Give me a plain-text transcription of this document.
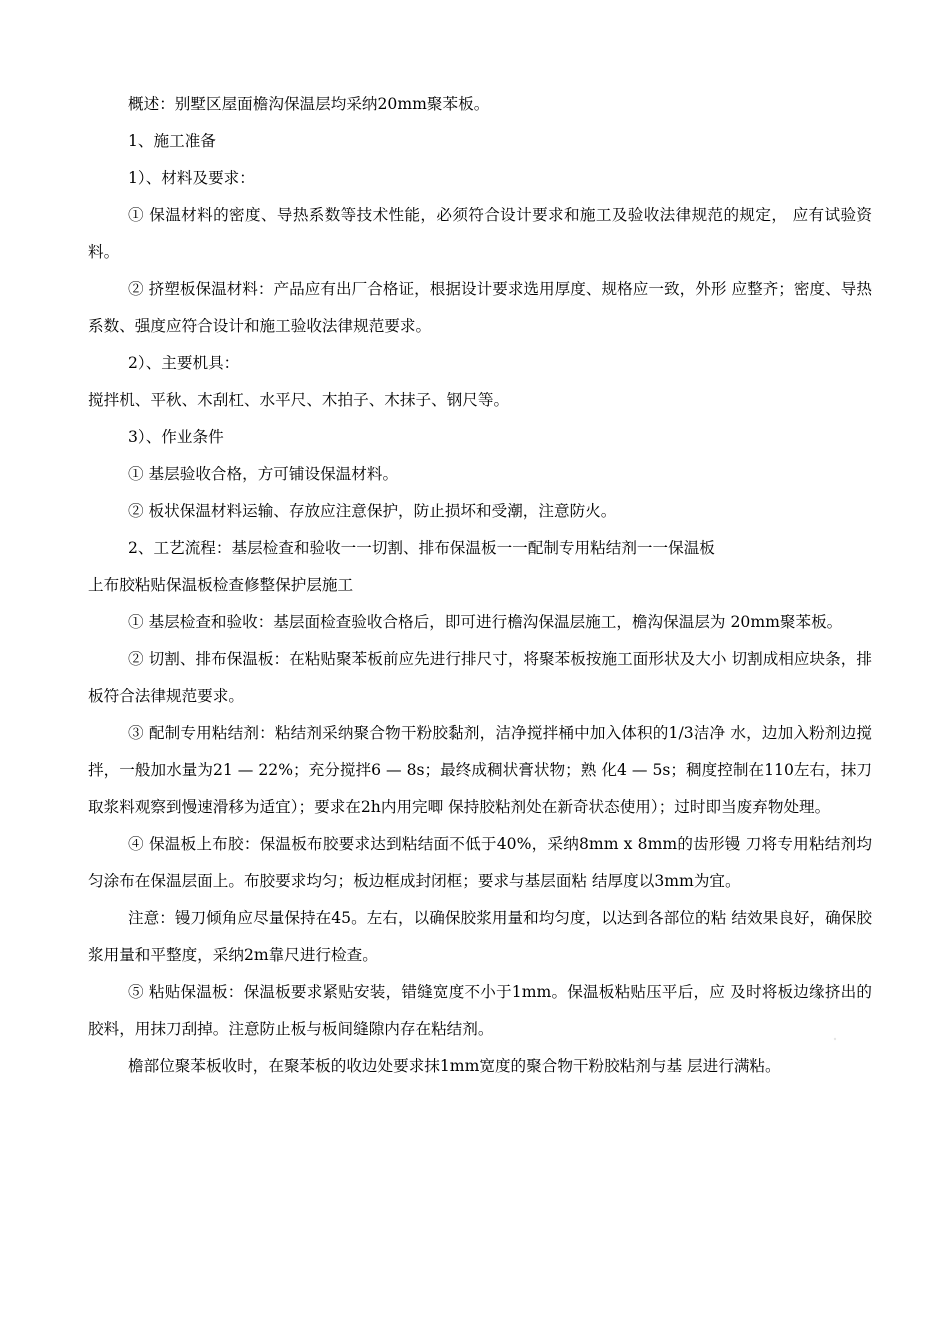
概述：别墅区屋面檐沟保温层均采纳20mm聚苯板。

1、施工准备

1）、材料及要求：

① 保温材料的密度、导热系数等技术性能，必须符合设计要求和施工及验收法律规范的规定， 应有试验资料。

② 挤塑板保温材料：产品应有出厂合格证，根据设计要求选用厚度、规格应一致，外形 应整齐；密度、导热系数、强度应符合设计和施工验收法律规范要求。

2）、主要机具：

搅拌机、平秋、木刮杠、水平尺、木拍子、木抹子、钢尺等。

3）、作业条件

① 基层验收合格，方可铺设保温材料。

② 板状保温材料运输、存放应注意保护，防止损坏和受潮，注意防火。

2、工艺流程：基层检查和验收一一切割、排布保温板一一配制专用粘结剂一一保温板

上布胶粘贴保温板检查修整保护层施工

① 基层检查和验收：基层面检查验收合格后，即可进行檐沟保温层施工，檐沟保温层为 20mm聚苯板。

② 切割、排布保温板：在粘贴聚苯板前应先进行排尺寸，将聚苯板按施工面形状及大小 切割成相应块条，排板符合法律规范要求。

③ 配制专用粘结剂：粘结剂采纳聚合物干粉胶黏剂，洁净搅拌桶中加入体积的1/3洁净 水，边加入粉剂边搅拌，一般加水量为21 — 22%；充分搅拌6 — 8s；最终成稠状膏状物；熟 化4 — 5s；稠度控制在110左右，抹刀取浆料观察到慢速滑移为适宜）；要求在2h内用完唧 保持胶粘剂处在新奇状态使用）；过时即当废弃物处理。

④ 保温板上布胶：保温板布胶要求达到粘结面不低于40%，采纳8mm x 8mm的齿形镘 刀将专用粘结剂均匀涂布在保温层面上。布胶要求均匀；板边框成封闭框；要求与基层面粘 结厚度以3mm为宜。

注意：镘刀倾角应尽量保持在45。左右，以确保胶浆用量和均匀度，以达到各部位的粘 结效果良好，确保胶浆用量和平整度，采纳2m靠尺进行检查。

⑤ 粘贴保温板：保温板要求紧贴安装，错缝宽度不小于1mm。保温板粘贴压平后，应 及时将板边缘挤出的胶料，用抹刀刮掉。注意防止板与板间缝隙内存在粘结剂。

檐部位聚苯板收时，在聚苯板的收边处要求抹1mm宽度的聚合物干粉胶粘剂与基 层进行满粘。
